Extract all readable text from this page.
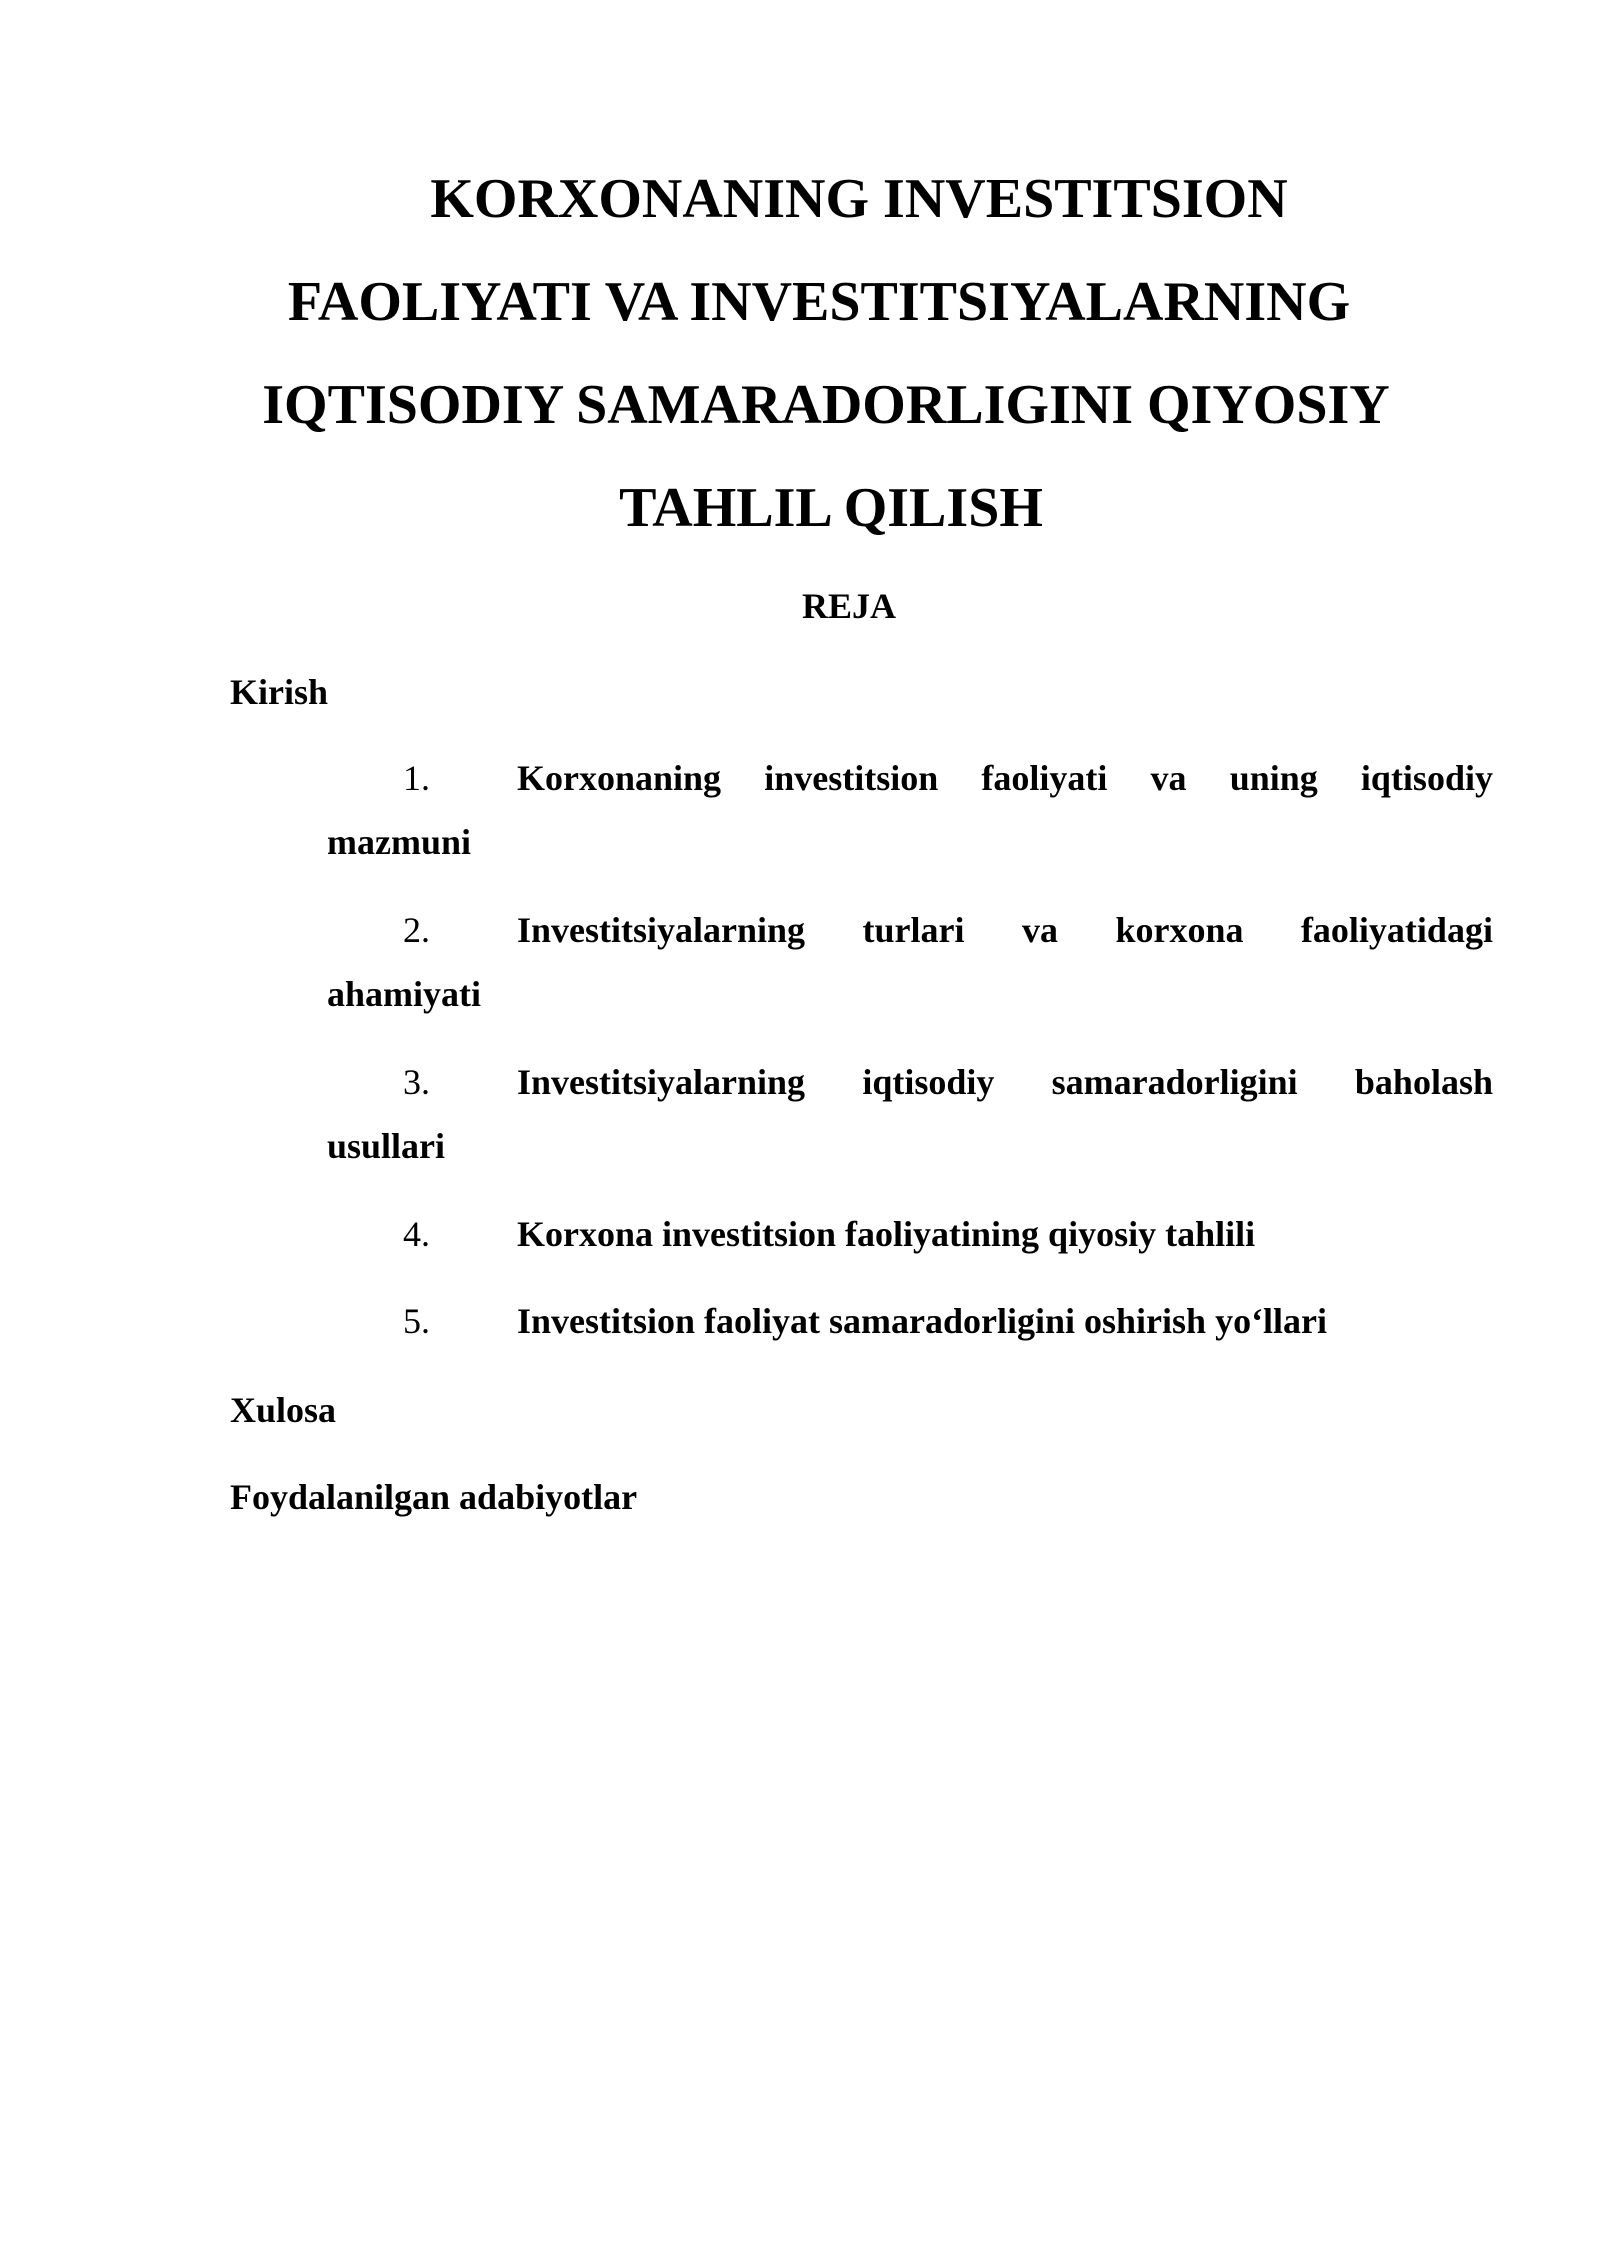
KORXONANING INVESTITSION
FAOLIYATI VA INVESTITSIYALARNING
IQTISODIY SAMARADORLIGINI QIYOSIY
TAHLIL QILISH

REJA

Kirish

1. Korxonaning investitsion faoliyati va uning iqtisodiy
mazmuni
2. Investitsiyalarning turlari va korxona faoliyatidagi
ahamiyati
3. Investitsiyalarning iqtisodiy samaradorligini baholash
usullari
4. Korxona investitsion faoliyatining qiyosiy tahlili
5. Investitsion faoliyat samaradorligini oshirish yo‘llari

Xulosa

Foydalanilgan adabiyotlar
